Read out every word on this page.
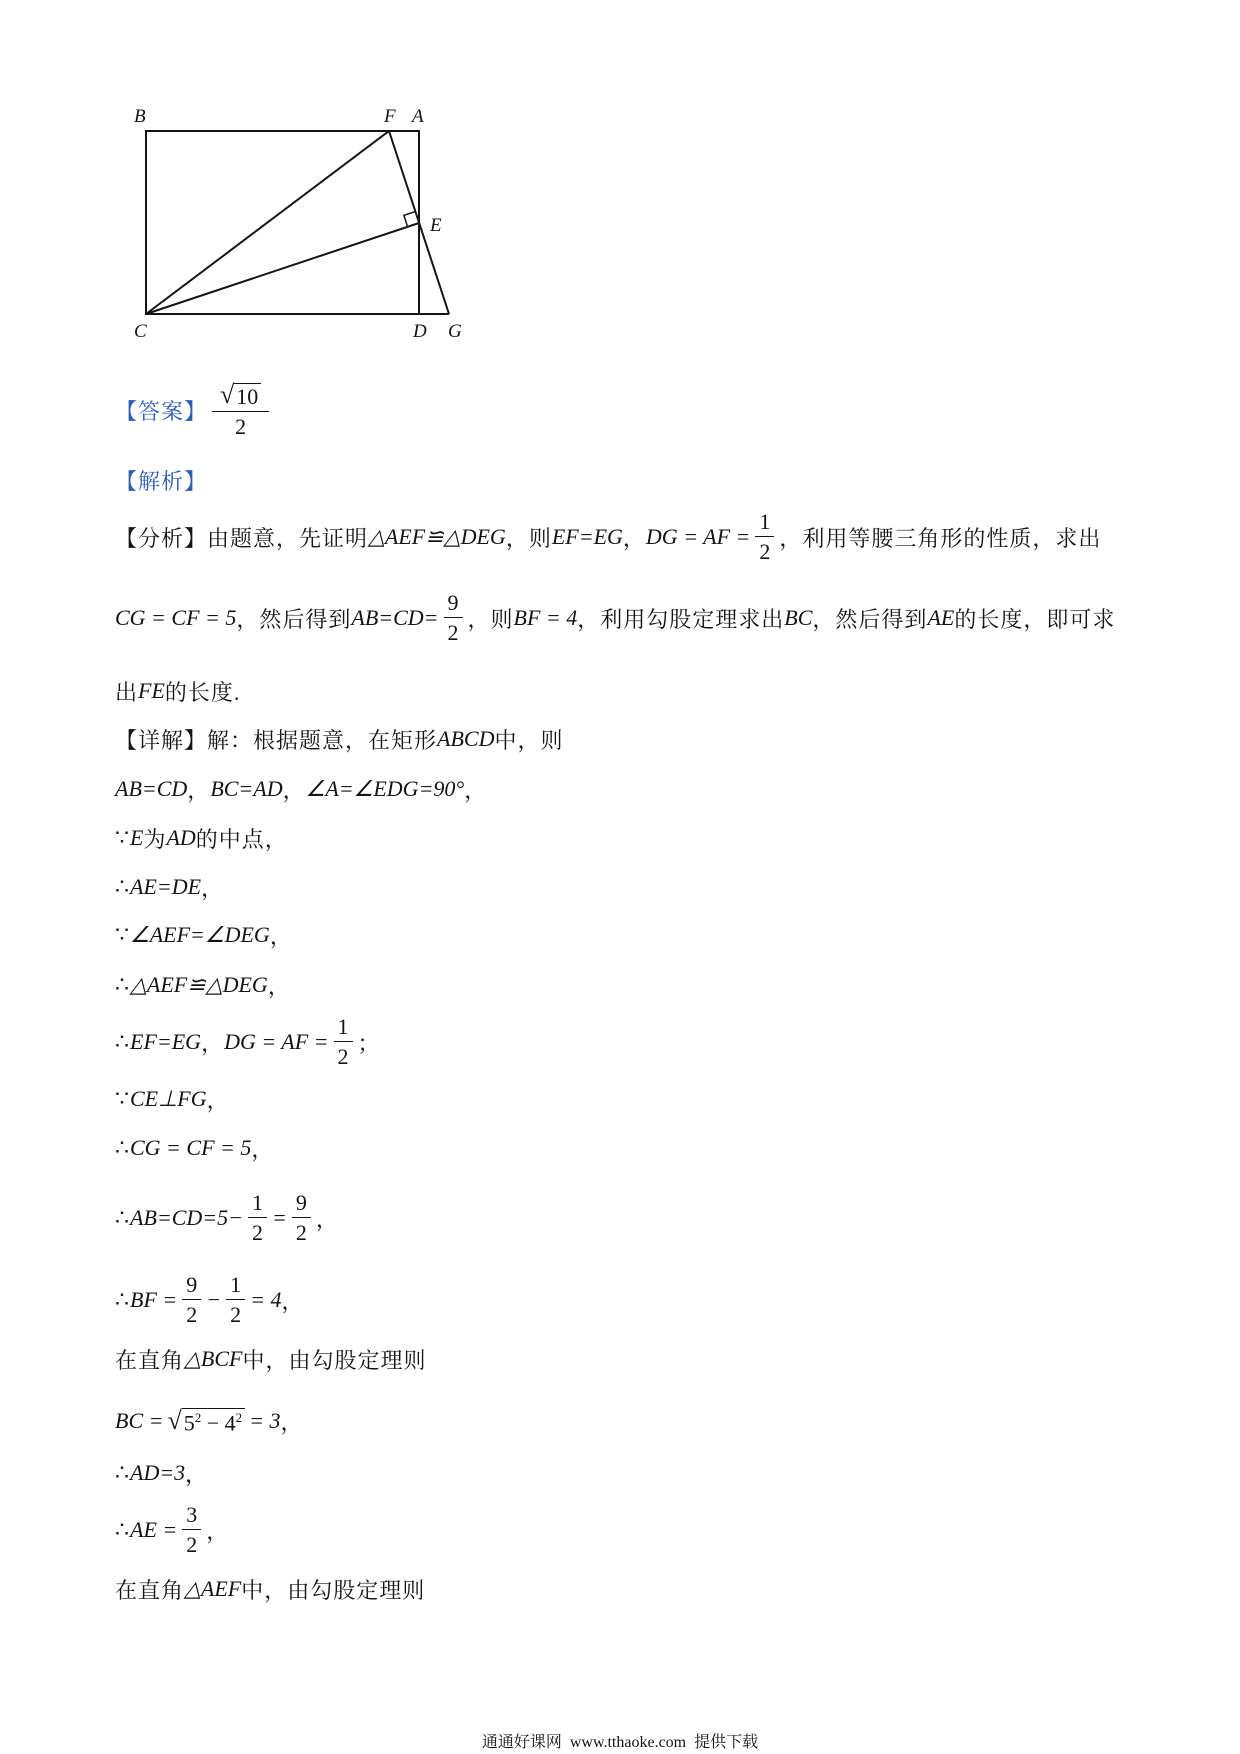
B	F A
E
C	D G
【答案】 $\frac{√ 10}{2}$
【解析】
【分析】由题意，先证明 △AEF≌△DEG ，则 EF=EG ， DG = AF = $\frac{1}{2}$ ，利用等腰三角形的性质，求出
CG = CF = 5 ，然后得到 $AB=CD= \frac{9}{2}$ ，则 BF = 4 ，利用勾股定理求出 BC ，然后得到 AE 的长度，即可求
出 FE 的长度.
【详解】解：根据题意，在矩形 ABCD 中，则
AB=CD ， BC=AD ， ∠A=∠EDG=90° ，
∵ E 为 AD 的中点，
∴ AE=DE ，
∵ ∠AEF=∠DEG ，
∴ △AEF≌△DEG ，
∴ EF=EG ， DG = AF = $\frac{1}{2}$ ；
∵ CE⊥FG ，
∴ CG = CF = 5 ，
∴ $AB=CD=5- \frac{1}{2} = \frac{9}{2}$ ，
∴ BF = $\frac{9}{2} - \frac{1}{2} = 4$ ，
在直角 △BCF 中，由勾股定理则
BC = √ $5^2 - 4^2 = 3$ ，
∴ AD=3 ，
∴ AE = $\frac{3}{2}$ ，
在直角 △AEF 中，由勾股定理则
通通好课网  www.tthaoke.com  提供下载
